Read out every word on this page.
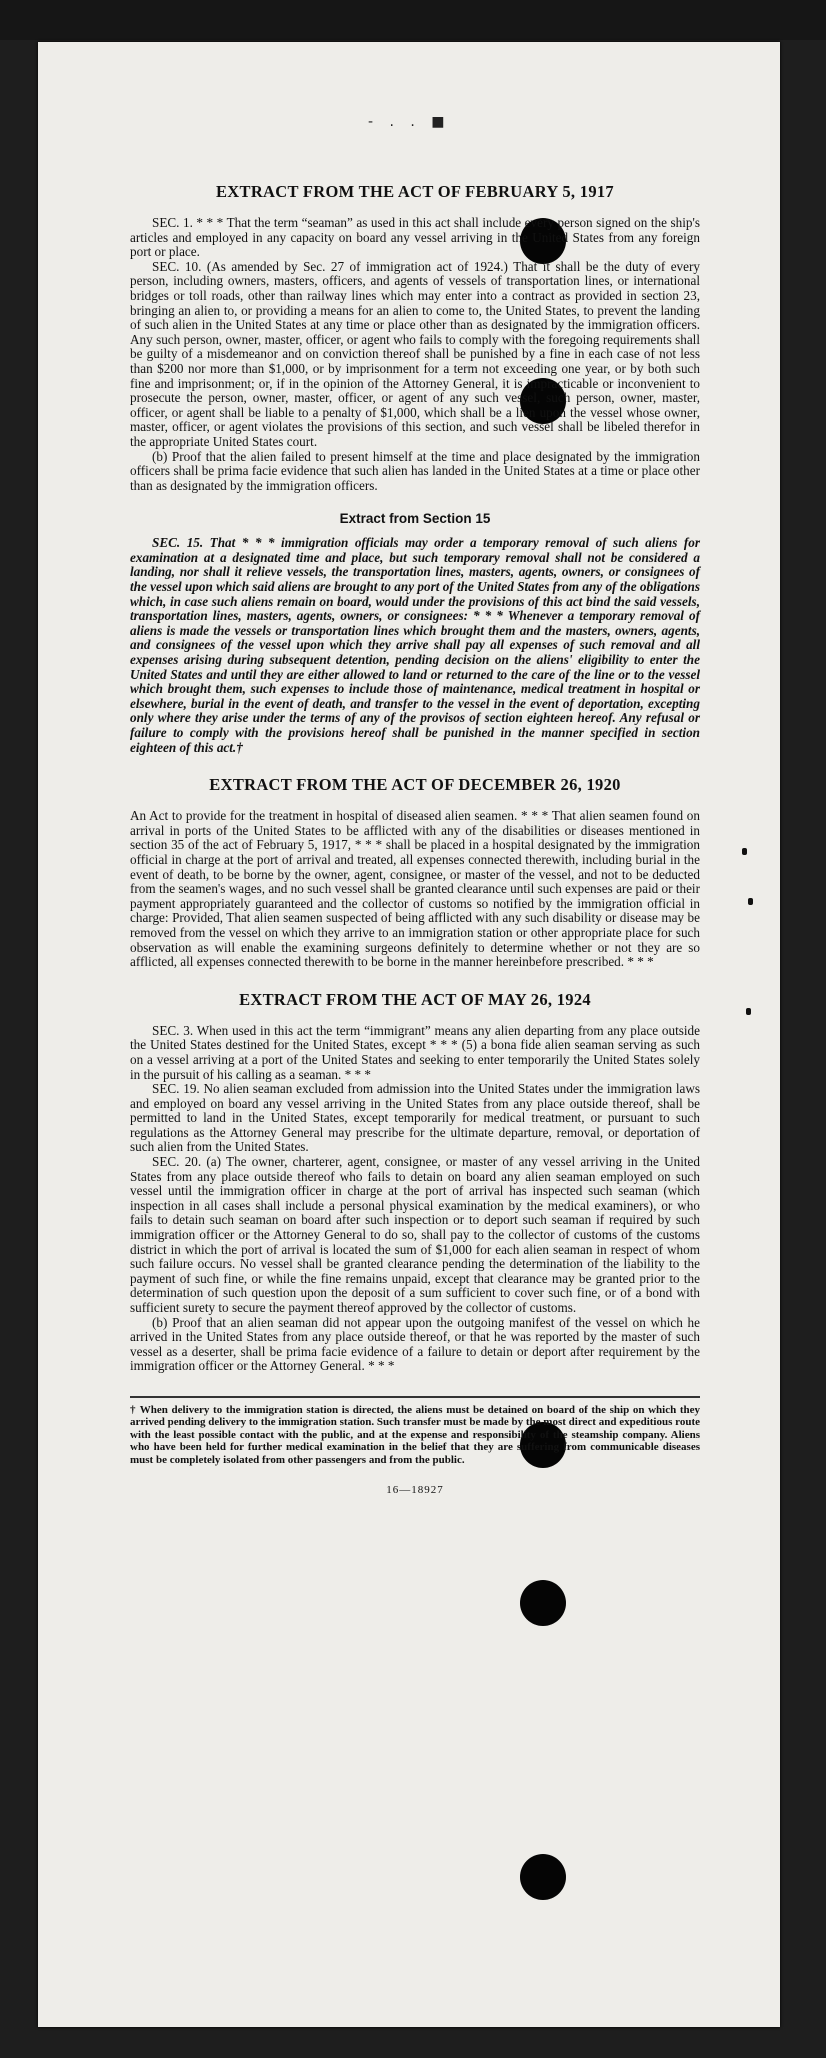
- . . ■
EXTRACT FROM THE ACT OF FEBRUARY 5, 1917

SEC. 1. * * * That the term “seaman” as used in this act shall include every person signed on the ship's articles and employed in any capacity on board any vessel arriving in the United States from any foreign port or place.

SEC. 10. (As amended by Sec. 27 of immigration act of 1924.) That it shall be the duty of every person, including owners, masters, officers, and agents of vessels of transportation lines, or international bridges or toll roads, other than railway lines which may enter into a contract as provided in section 23, bringing an alien to, or providing a means for an alien to come to, the United States, to prevent the landing of such alien in the United States at any time or place other than as designated by the immigration officers. Any such person, owner, master, officer, or agent who fails to comply with the foregoing requirements shall be guilty of a misdemeanor and on conviction thereof shall be punished by a fine in each case of not less than $200 nor more than $1,000, or by imprisonment for a term not exceeding one year, or by both such fine and imprisonment; or, if in the opinion of the Attorney General, it is impracticable or inconvenient to prosecute the person, owner, master, officer, or agent of any such vessel, such person, owner, master, officer, or agent shall be liable to a penalty of $1,000, which shall be a lien upon the vessel whose owner, master, officer, or agent violates the provisions of this section, and such vessel shall be libeled therefor in the appropriate United States court.

(b) Proof that the alien failed to present himself at the time and place designated by the immigration officers shall be prima facie evidence that such alien has landed in the United States at a time or place other than as designated by the immigration officers.

Extract from Section 15

SEC. 15. That * * * immigration officials may order a temporary removal of such aliens for examination at a designated time and place, but such temporary removal shall not be considered a landing, nor shall it relieve vessels, the transportation lines, masters, agents, owners, or consignees of the vessel upon which said aliens are brought to any port of the United States from any of the obligations which, in case such aliens remain on board, would under the provisions of this act bind the said vessels, transportation lines, masters, agents, owners, or consignees: * * * Whenever a temporary removal of aliens is made the vessels or transportation lines which brought them and the masters, owners, agents, and consignees of the vessel upon which they arrive shall pay all expenses of such removal and all expenses arising during subsequent detention, pending decision on the aliens' eligibility to enter the United States and until they are either allowed to land or returned to the care of the line or to the vessel which brought them, such expenses to include those of maintenance, medical treatment in hospital or elsewhere, burial in the event of death, and transfer to the vessel in the event of deportation, excepting only where they arise under the terms of any of the provisos of section eighteen hereof. Any refusal or failure to comply with the provisions hereof shall be punished in the manner specified in section eighteen of this act.†

EXTRACT FROM THE ACT OF DECEMBER 26, 1920

An Act to provide for the treatment in hospital of diseased alien seamen. * * * That alien seamen found on arrival in ports of the United States to be afflicted with any of the disabilities or diseases mentioned in section 35 of the act of February 5, 1917, * * * shall be placed in a hospital designated by the immigration official in charge at the port of arrival and treated, all expenses connected therewith, including burial in the event of death, to be borne by the owner, agent, consignee, or master of the vessel, and not to be deducted from the seamen's wages, and no such vessel shall be granted clearance until such expenses are paid or their payment appropriately guaranteed and the collector of customs so notified by the immigration official in charge: Provided, That alien seamen suspected of being afflicted with any such disability or disease may be removed from the vessel on which they arrive to an immigration station or other appropriate place for such observation as will enable the examining surgeons definitely to determine whether or not they are so afflicted, all expenses connected therewith to be borne in the manner hereinbefore prescribed. * * *

EXTRACT FROM THE ACT OF MAY 26, 1924

SEC. 3. When used in this act the term “immigrant” means any alien departing from any place outside the United States destined for the United States, except * * * (5) a bona fide alien seaman serving as such on a vessel arriving at a port of the United States and seeking to enter temporarily the United States solely in the pursuit of his calling as a seaman. * * *

SEC. 19. No alien seaman excluded from admission into the United States under the immigration laws and employed on board any vessel arriving in the United States from any place outside thereof, shall be permitted to land in the United States, except temporarily for medical treatment, or pursuant to such regulations as the Attorney General may prescribe for the ultimate departure, removal, or deportation of such alien from the United States.

SEC. 20. (a) The owner, charterer, agent, consignee, or master of any vessel arriving in the United States from any place outside thereof who fails to detain on board any alien seaman employed on such vessel until the immigration officer in charge at the port of arrival has inspected such seaman (which inspection in all cases shall include a personal physical examination by the medical examiners), or who fails to detain such seaman on board after such inspection or to deport such seaman if required by such immigration officer or the Attorney General to do so, shall pay to the collector of customs of the customs district in which the port of arrival is located the sum of $1,000 for each alien seaman in respect of whom such failure occurs. No vessel shall be granted clearance pending the determination of the liability to the payment of such fine, or while the fine remains unpaid, except that clearance may be granted prior to the determination of such question upon the deposit of a sum sufficient to cover such fine, or of a bond with sufficient surety to secure the payment thereof approved by the collector of customs.

(b) Proof that an alien seaman did not appear upon the outgoing manifest of the vessel on which he arrived in the United States from any place outside thereof, or that he was reported by the master of such vessel as a deserter, shall be prima facie evidence of a failure to detain or deport after requirement by the immigration officer or the Attorney General. * * *

† When delivery to the immigration station is directed, the aliens must be detained on board of the ship on which they arrived pending delivery to the immigration station. Such transfer must be made by the most direct and expeditious route with the least possible contact with the public, and at the expense and responsibility of the steamship company. Aliens who have been held for further medical examination in the belief that they are suffering from communicable diseases must be completely isolated from other passengers and from the public.
16—18927
